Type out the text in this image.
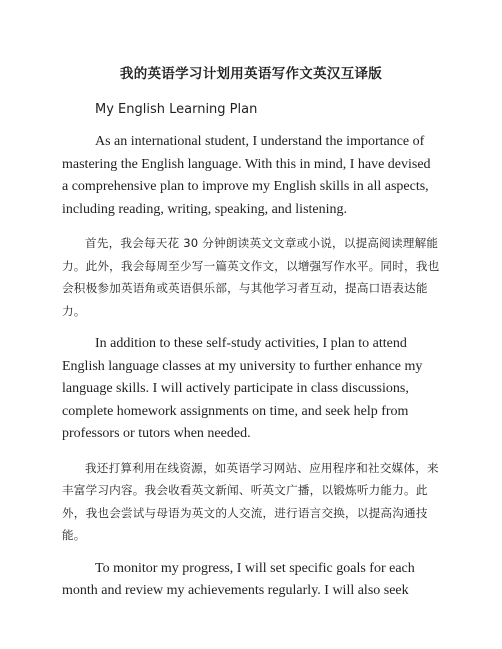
我的英语学习计划用英语写作文英汉互译版
My English Learning Plan

As an international student, I understand the importance of mastering the English language. With this in mind, I have devised a comprehensive plan to improve my English skills in all aspects, including reading, writing, speaking, and listening.

首先，我会每天花 30 分钟朗读英文文章或小说，以提高阅读理解能力。此外，我会每周至少写一篇英文作文，以增强写作水平。同时，我也会积极参加英语角或英语俱乐部，与其他学习者互动，提高口语表达能力。

In addition to these self-study activities, I plan to attend English language classes at my university to further enhance my language skills. I will actively participate in class discussions, complete homework assignments on time, and seek help from professors or tutors when needed.

我还打算利用在线资源，如英语学习网站、应用程序和社交媒体，来丰富学习内容。我会收看英文新闻、听英文广播，以锻炼听力能力。此外，我也会尝试与母语为英文的人交流，进行语言交换，以提高沟通技能。

To monitor my progress, I will set specific goals for each month and review my achievements regularly. I will also seek
